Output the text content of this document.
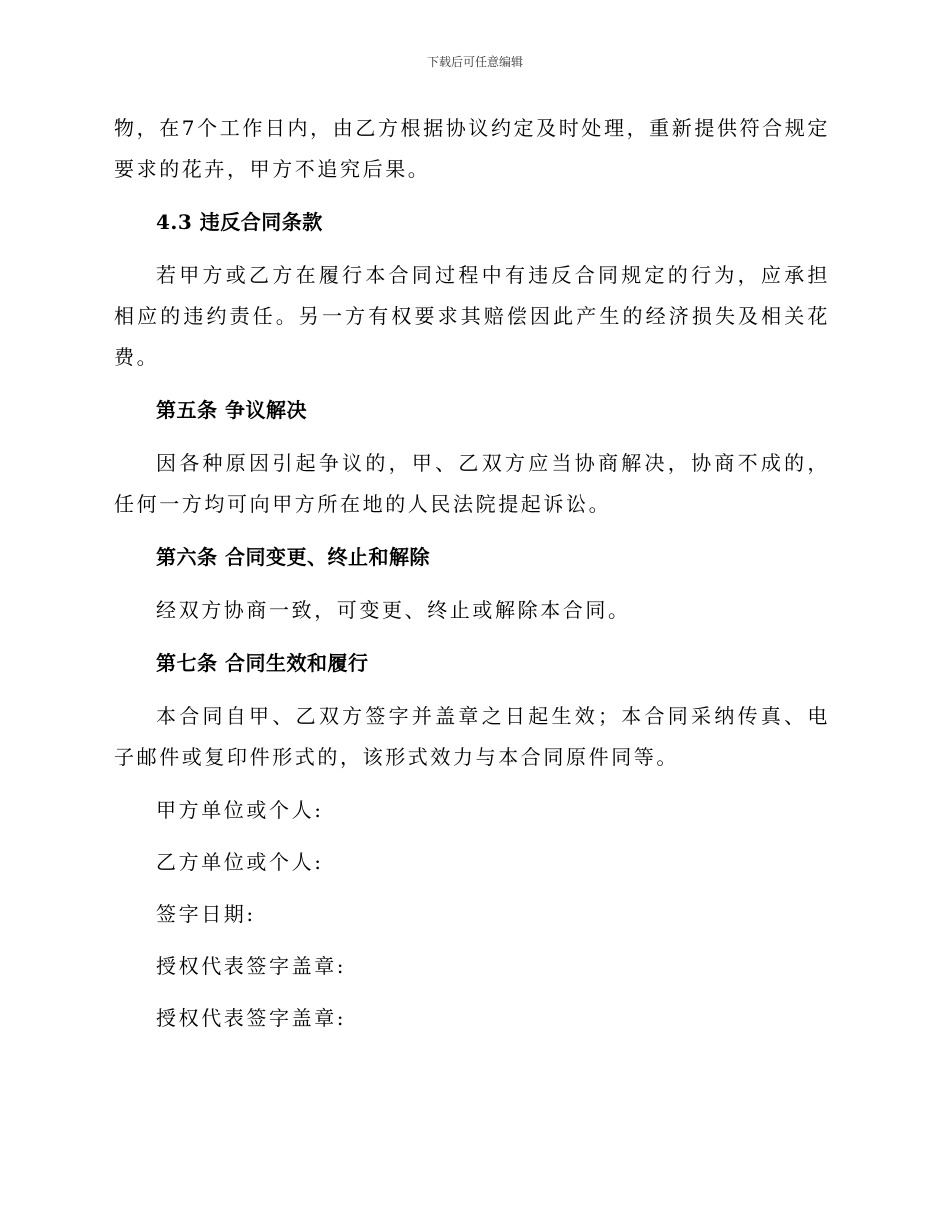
下载后可任意编辑

物，在7个工作日内，由乙方根据协议约定及时处理，重新提供符合规定要求的花卉，甲方不追究后果。

4.3 违反合同条款

若甲方或乙方在履行本合同过程中有违反合同规定的行为，应承担相应的违约责任。另一方有权要求其赔偿因此产生的经济损失及相关花费。

第五条 争议解决

因各种原因引起争议的，甲、乙双方应当协商解决，协商不成的，任何一方均可向甲方所在地的人民法院提起诉讼。

第六条 合同变更、终止和解除

经双方协商一致，可变更、终止或解除本合同。

第七条 合同生效和履行

本合同自甲、乙双方签字并盖章之日起生效；本合同采纳传真、电子邮件或复印件形式的，该形式效力与本合同原件同等。

甲方单位或个人:

乙方单位或个人:

签字日期:

授权代表签字盖章:

授权代表签字盖章:
